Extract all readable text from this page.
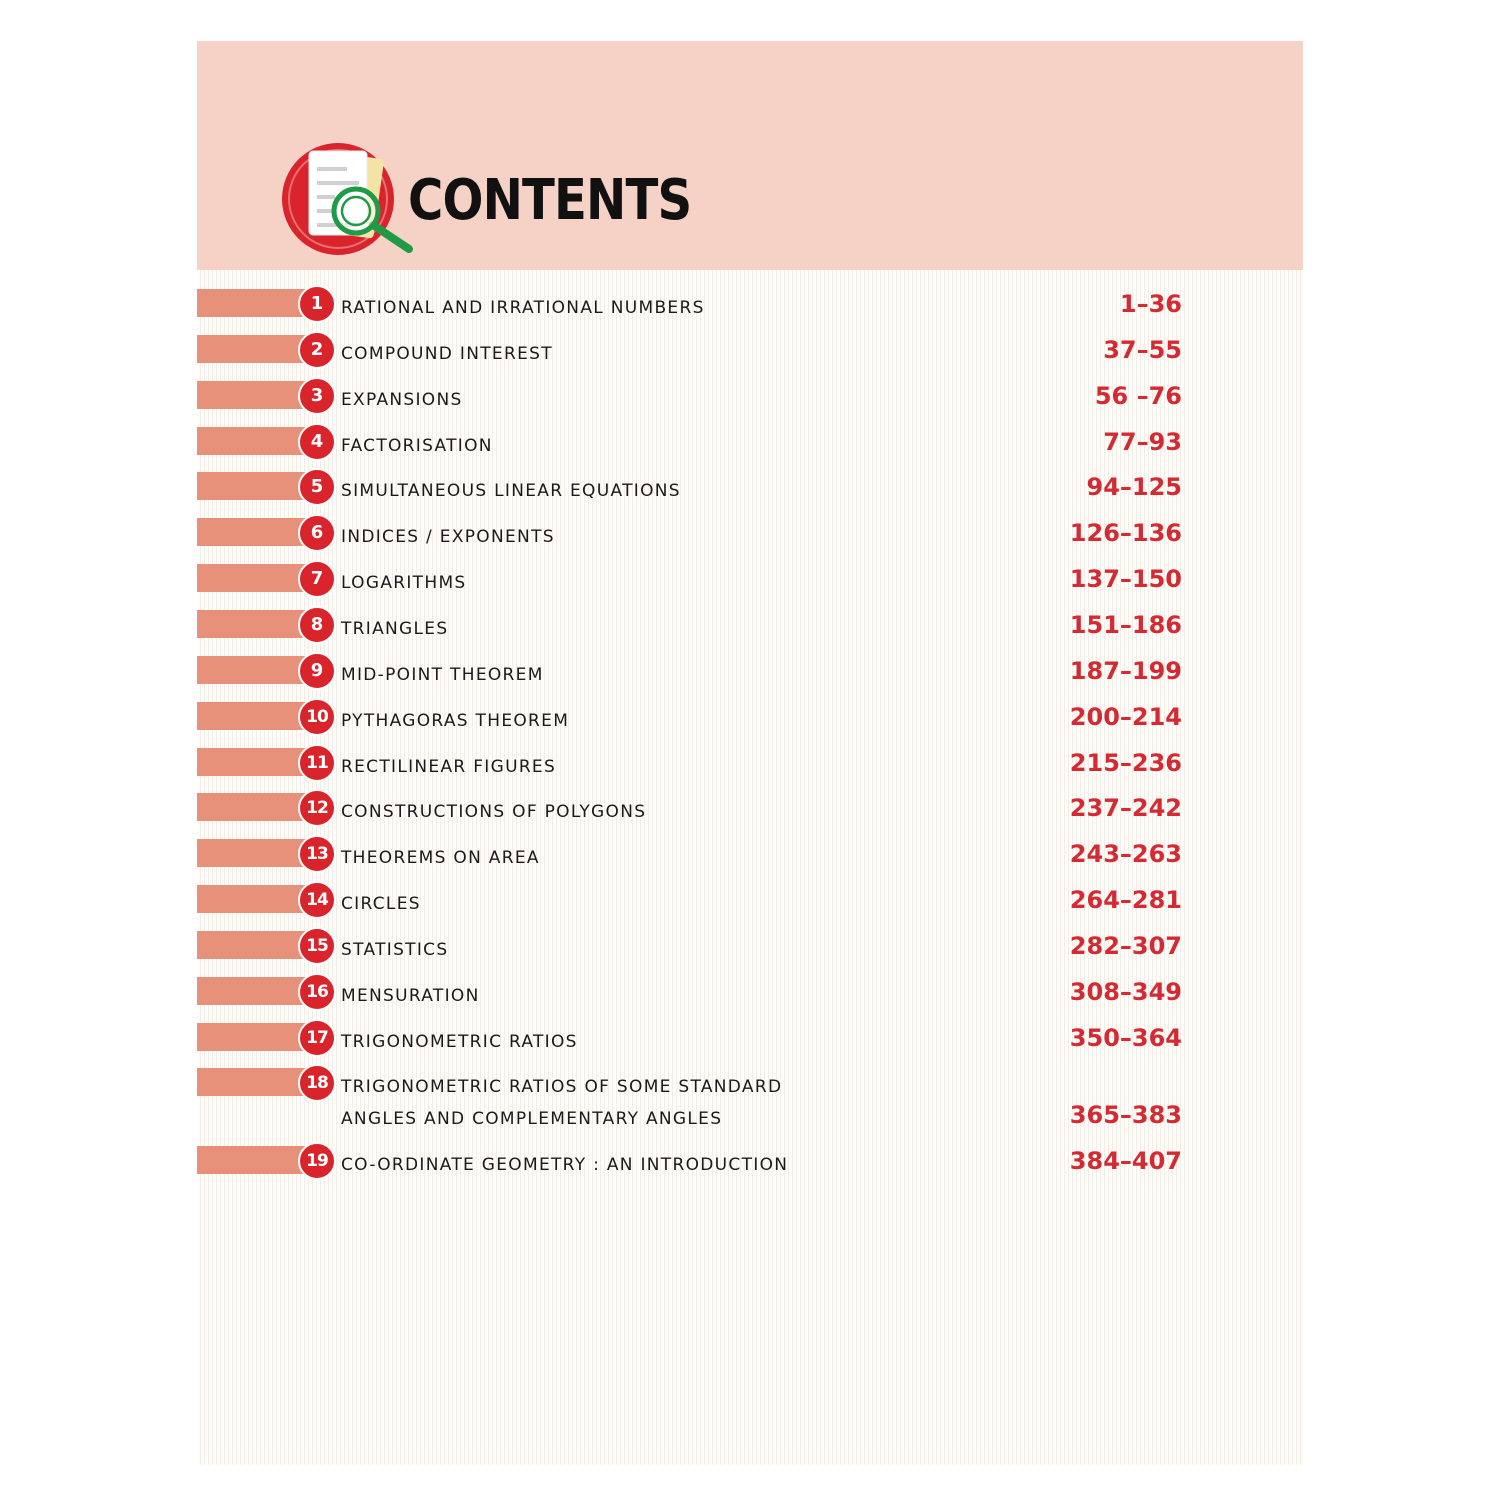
CONTENTS
1	RATIONAL AND IRRATIONAL NUMBERS	1–36
2	COMPOUND INTEREST	37–55
3	EXPANSIONS	56 –76
4	FACTORISATION	77–93
5	SIMULTANEOUS LINEAR EQUATIONS	94–125
6	INDICES / EXPONENTS	126–136
7	LOGARITHMS	137–150
8	TRIANGLES	151–186
9	MID-POINT THEOREM	187–199
10 PYTHAGORAS THEOREM	200–214
11 RECTILINEAR FIGURES	215–236
12 CONSTRUCTIONS OF POLYGONS	237–242
13 THEOREMS ON AREA	243–263
14 CIRCLES	264–281
15 STATISTICS	282–307
16 MENSURATION	308–349
17 TRIGONOMETRIC RATIOS	350–364
18 TRIGONOMETRIC RATIOS OF SOME STANDARD
ANGLES AND COMPLEMENTARY ANGLES	365–383
19 CO-ORDINATE GEOMETRY : AN INTRODUCTION	384–407
